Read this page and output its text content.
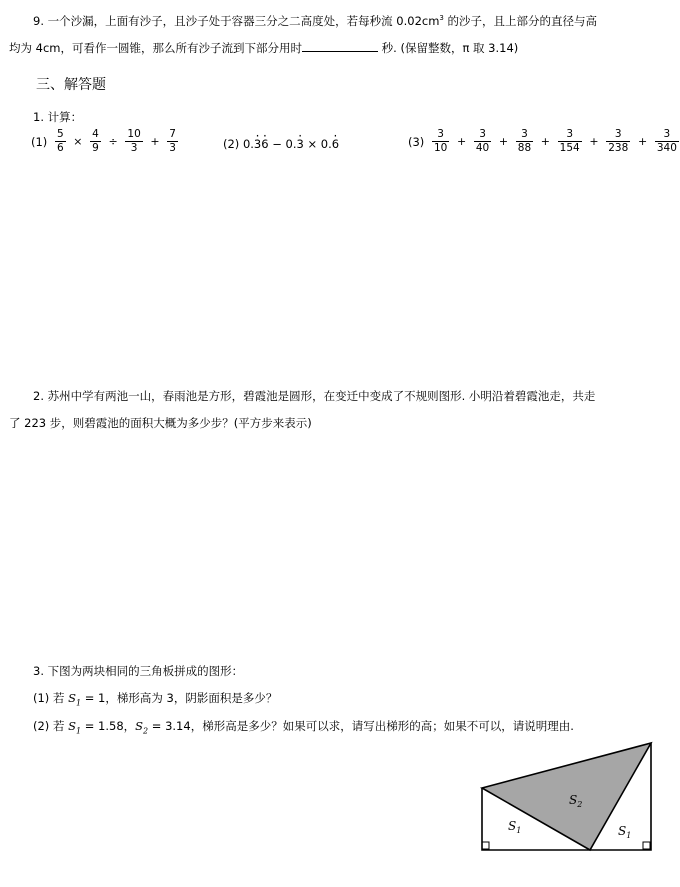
9. 一个沙漏，上面有沙子，且沙子处于容器三分之二高度处，若每秒流 $0.02cm^3$ 的沙子，且上部分的直径与高
均为 4cm，可看作一圆锥，那么所有沙子流到下部分用时	秒. (保留整数，π 取 3.14)
三、解答题
1. 计算：
$(1) \frac{5}{6} \times \frac{4}{9} \div \frac{10}{3} + \frac{7}{3}$	(2) 0.3 ·6 · − 0.3 · × 0.6 ·	$(3) \frac{3}{10} + \frac{3}{40} + \frac{3}{88} + \frac{3}{154} + \frac{3}{238} + \frac{3}{340}$
2. 苏州中学有两池一山，春雨池是方形，碧霞池是圆形，在变迁中变成了不规则图形. 小明沿着碧霞池走，共走
了 223 步，则碧霞池的面积大概为多少步？(平方步来表示)
3. 下图为两块相同的三角板拼成的图形：
(1) 若 $S_1 = 1$，梯形高为 3，阴影面积是多少？
(2) 若 $S_1 = 1.58$，$S_2 = 3.14$，梯形高是多少？如果可以求，请写出梯形的高；如果不可以，请说明理由.
$S_2$
$S_1$	$S_1$
